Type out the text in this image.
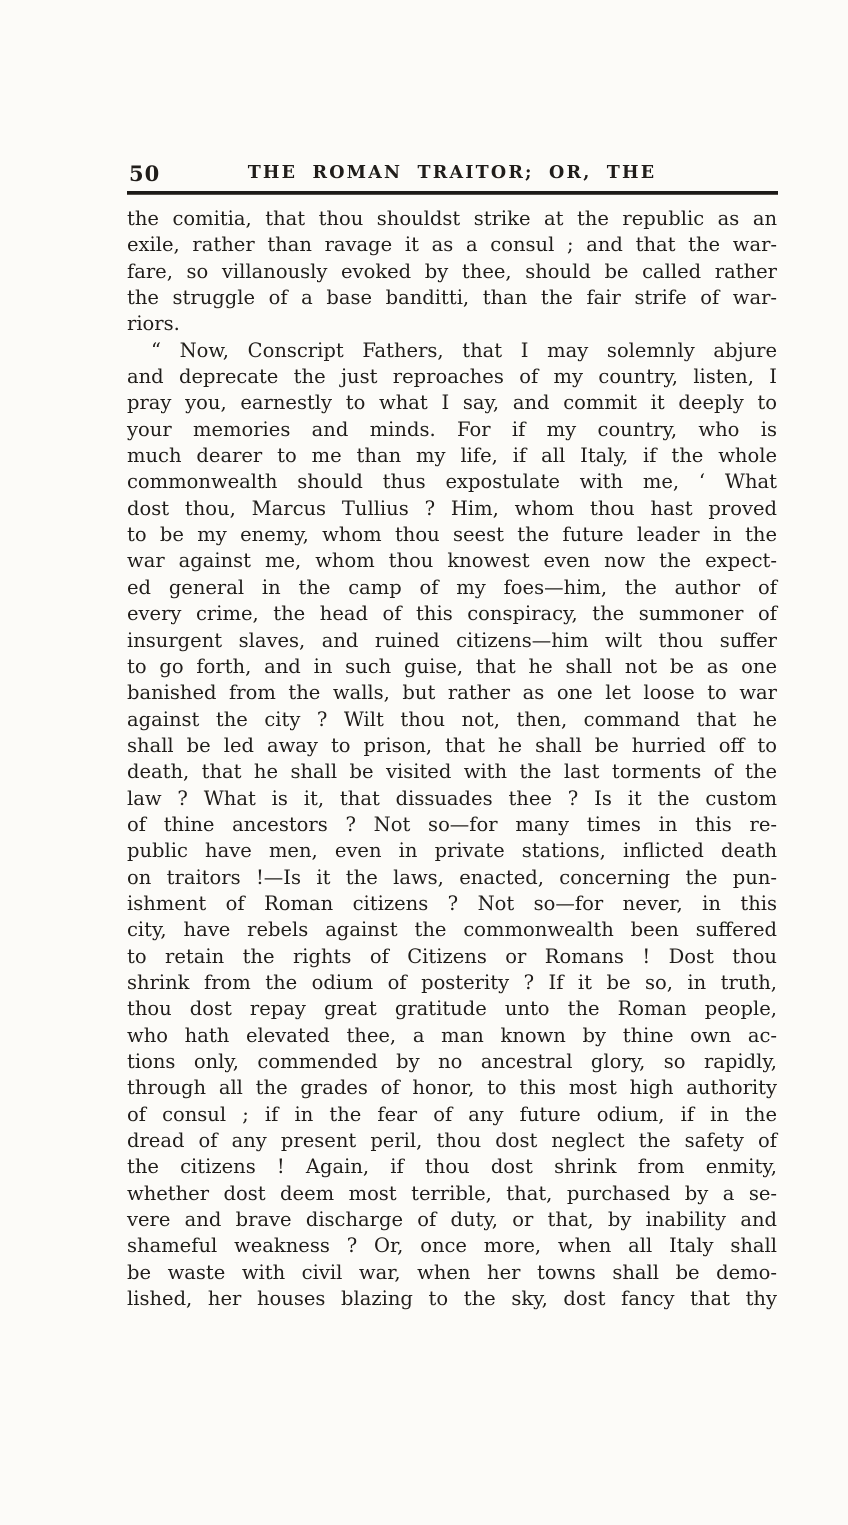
50	THE ROMAN TRAITOR; OR, THE
the comitia, that thou shouldst strike at the republic as an
exile, rather than ravage it as a consul ; and that the war-
fare, so villanously evoked by thee, should be called rather
the struggle of a base banditti, than the fair strife of war-
riors.
“ Now, Conscript Fathers, that I may solemnly abjure
and deprecate the just reproaches of my country, listen, I
pray you, earnestly to what I say, and commit it deeply to
your memories and minds. For if my country, who is
much dearer to me than my life, if all Italy, if the whole
commonwealth should thus expostulate with me, ‘ What
dost thou, Marcus Tullius ? Him, whom thou hast proved
to be my enemy, whom thou seest the future leader in the
war against me, whom thou knowest even now the expect-
ed general in the camp of my foes—him, the author of
every crime, the head of this conspiracy, the summoner of
insurgent slaves, and ruined citizens—him wilt thou suffer
to go forth, and in such guise, that he shall not be as one
banished from the walls, but rather as one let loose to war
against the city ? Wilt thou not, then, command that he
shall be led away to prison, that he shall be hurried off to
death, that he shall be visited with the last torments of the
law ? What is it, that dissuades thee ? Is it the custom
of thine ancestors ? Not so—for many times in this re-
public have men, even in private stations, inflicted death
on traitors !—Is it the laws, enacted, concerning the pun-
ishment of Roman citizens ? Not so—for never, in this
city, have rebels against the commonwealth been suffered
to retain the rights of Citizens or Romans ! Dost thou
shrink from the odium of posterity ? If it be so, in truth,
thou dost repay great gratitude unto the Roman people,
who hath elevated thee, a man known by thine own ac-
tions only, commended by no ancestral glory, so rapidly,
through all the grades of honor, to this most high authority
of consul ; if in the fear of any future odium, if in the
dread of any present peril, thou dost neglect the safety of
the citizens ! Again, if thou dost shrink from enmity,
whether dost deem most terrible, that, purchased by a se-
vere and brave discharge of duty, or that, by inability and
shameful weakness ? Or, once more, when all Italy shall
be waste with civil war, when her towns shall be demo-
lished, her houses blazing to the sky, dost fancy that thy
